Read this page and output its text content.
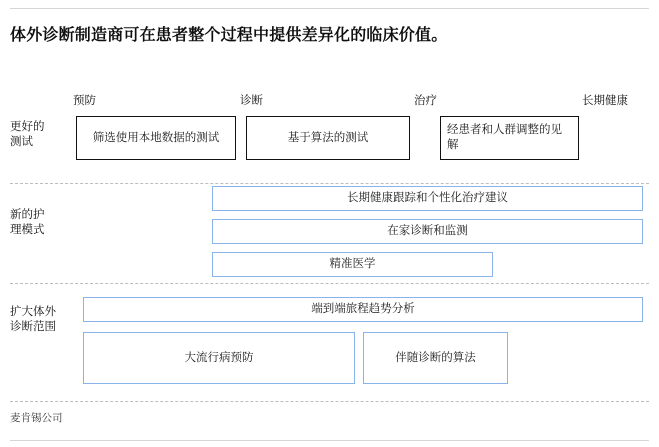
体外诊断制造商可在患者整个过程中提供差异化的临床价值。
预防	诊断	治疗	长期健康
更好的
测试
新的护
理模式
扩大体外
诊断范围
筛选使用本地数据的测试	基于算法的测试
经患者和人群调整的见解
长期健康跟踪和个性化治疗建议
在家诊断和监测
精准医学
端到端旅程趋势分析
大流行病预防	伴随诊断的算法
麦肯锡公司
